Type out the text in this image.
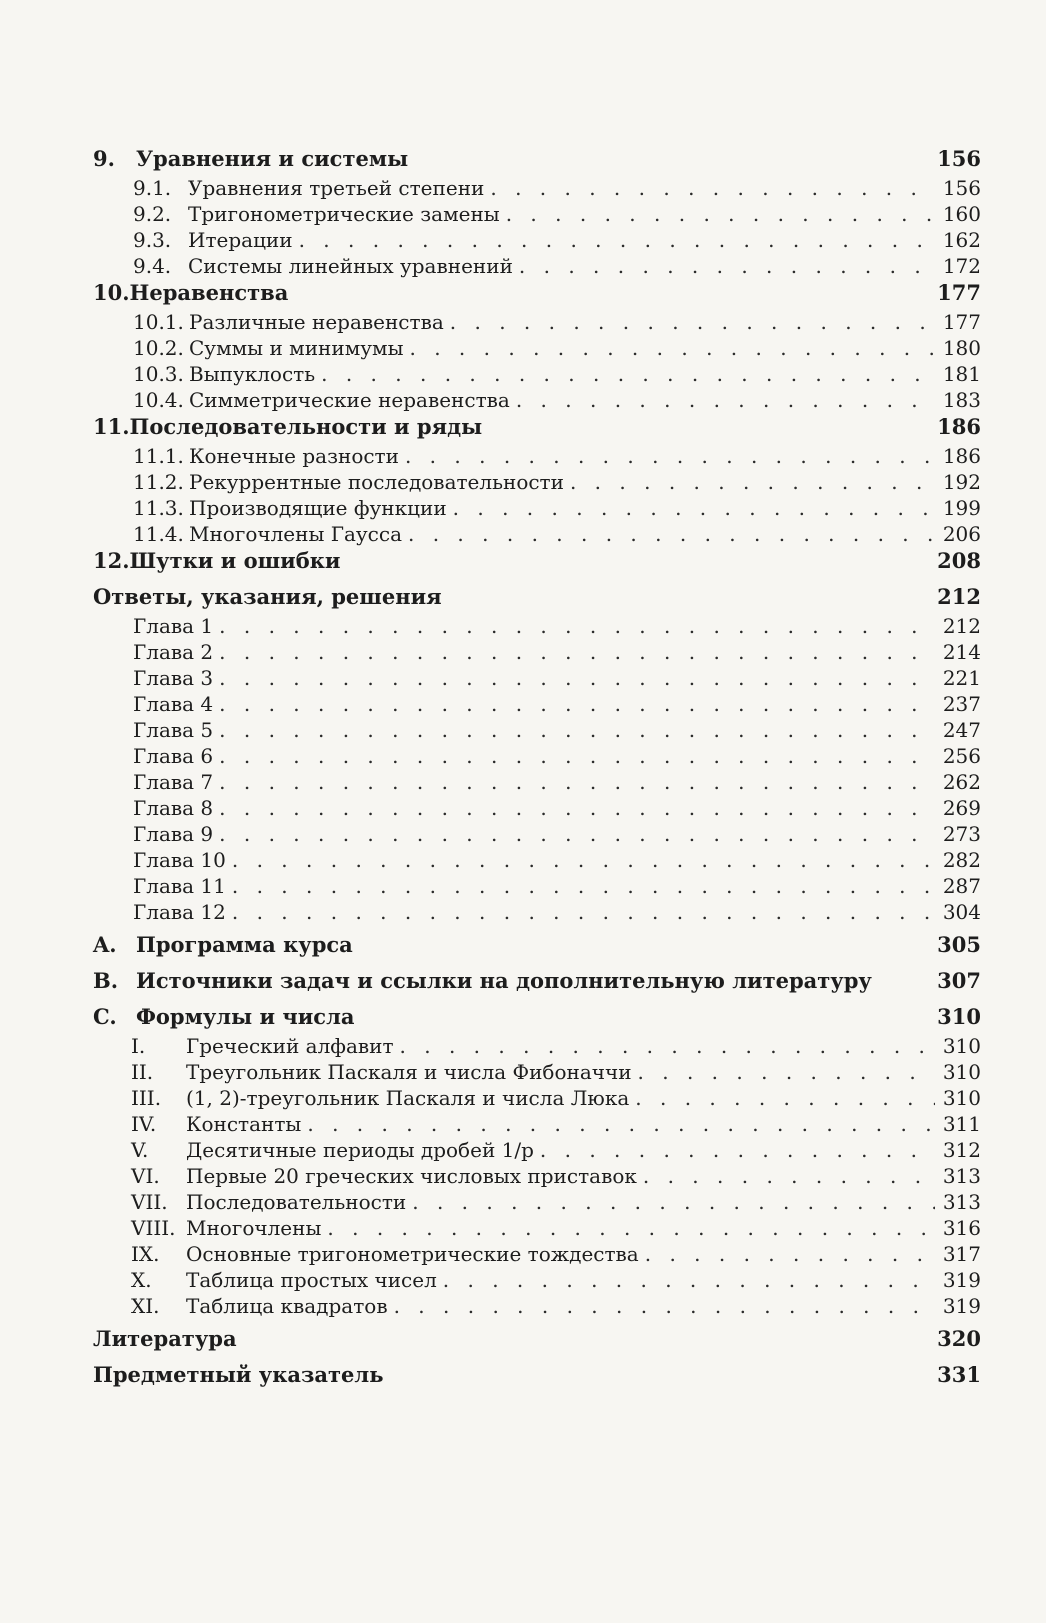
9.	Уравнения и системы	156
9.1. Уравнения третьей степени . . .	156
9.2. Тригонометрические замены . . .	160
9.3. Итерации . . .	162
9.4. Системы линейных уравнений . . .	172
10. Неравенства	177
10.1. Различные неравенства . . .	177
10.2. Суммы и минимумы . . .	180
10.3. Выпуклость . . .	181
10.4. Симметрические неравенства . . .	183
11. Последовательности и ряды	186
11.1. Конечные разности . . .	186
11.2. Рекуррентные последовательности . . .	192
11.3. Производящие функции . . .	199
11.4. Многочлены Гаусса . . .	206
12. Шутки и ошибки	208
Ответы, указания, решения	212
Глава 1 . . .	212
Глава 2 . . .	214
Глава 3 . . .	221
Глава 4 . . .	237
Глава 5 . . .	247
Глава 6 . . .	256
Глава 7 . . .	262
Глава 8 . . .	269
Глава 9 . . .	273
Глава 10 . . .	282
Глава 11 . . .	287
Глава 12 . . .	304
A. Программа курса	305
B. Источники задач и ссылки на дополнительную литературу	307
C. Формулы и числа	310
I.	Греческий алфавит . . .	310
II.	Треугольник Паскаля и числа Фибоначчи . . .	310
III.	(1, 2)-треугольник Паскаля и числа Люка . . .	310
IV.	Константы . . .	311
V.	Десятичные периоды дробей 1/p . . .	312
VI.	Первые 20 греческих числовых приставок . . .	313
VII. Последовательности . . .	313
VIII. Многочлены . . .	316
IX.	Основные тригонометрические тождества . . .	317
X.	Таблица простых чисел . . .	319
XI.	Таблица квадратов . . .	319
Литература	320
Предметный указатель	331
